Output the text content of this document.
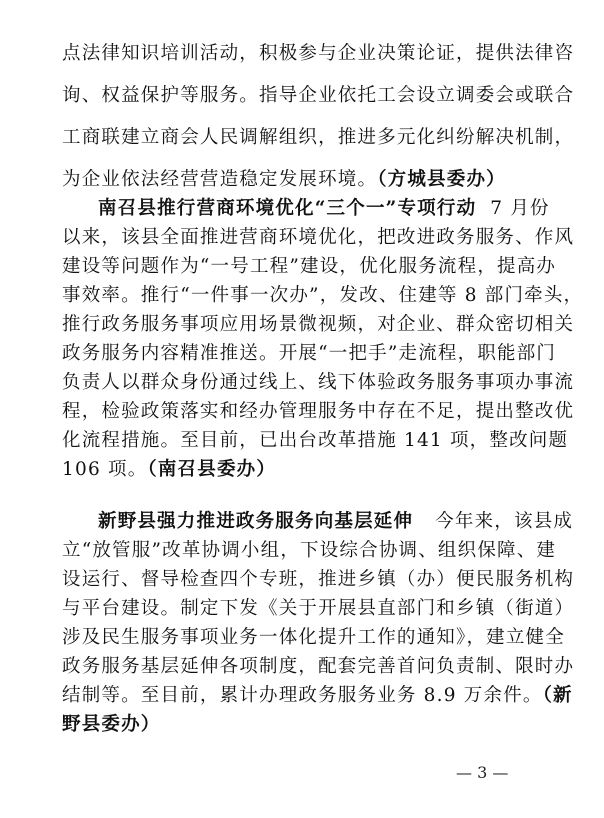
点法律知识培训活动，积极参与企业决策论证，提供法律咨
询、权益保护等服务。指导企业依托工会设立调委会或联合
工商联建立商会人民调解组织，推进多元化纠纷解决机制，
为企业依法经营营造稳定发展环境。（方城县委办）
南召县推行营商环境优化“三个一”专项行动 7 月份
以来，该县全面推进营商环境优化，把改进政务服务、作风
建设等问题作为“一号工程”建设，优化服务流程，提高办
事效率。推行“一件事一次办”，发改、住建等 8 部门牵头，
推行政务服务事项应用场景微视频，对企业、群众密切相关
政务服务内容精准推送。开展“一把手”走流程，职能部门
负责人以群众身份通过线上、线下体验政务服务事项办事流
程，检验政策落实和经办管理服务中存在不足，提出整改优
化流程措施。至目前，已出台改革措施 141 项，整改问题
106 项。（南召县委办）
新野县强力推进政务服务向基层延伸 今年来，该县成
立“放管服”改革协调小组，下设综合协调、组织保障、建
设运行、督导检查四个专班，推进乡镇（办）便民服务机构
与平台建设。制定下发《关于开展县直部门和乡镇（街道）
涉及民生服务事项业务一体化提升工作的通知》，建立健全
政务服务基层延伸各项制度，配套完善首问负责制、限时办
结制等。至目前，累计办理政务服务业务 8.9 万余件。（新
野县委办）
— 3 —
